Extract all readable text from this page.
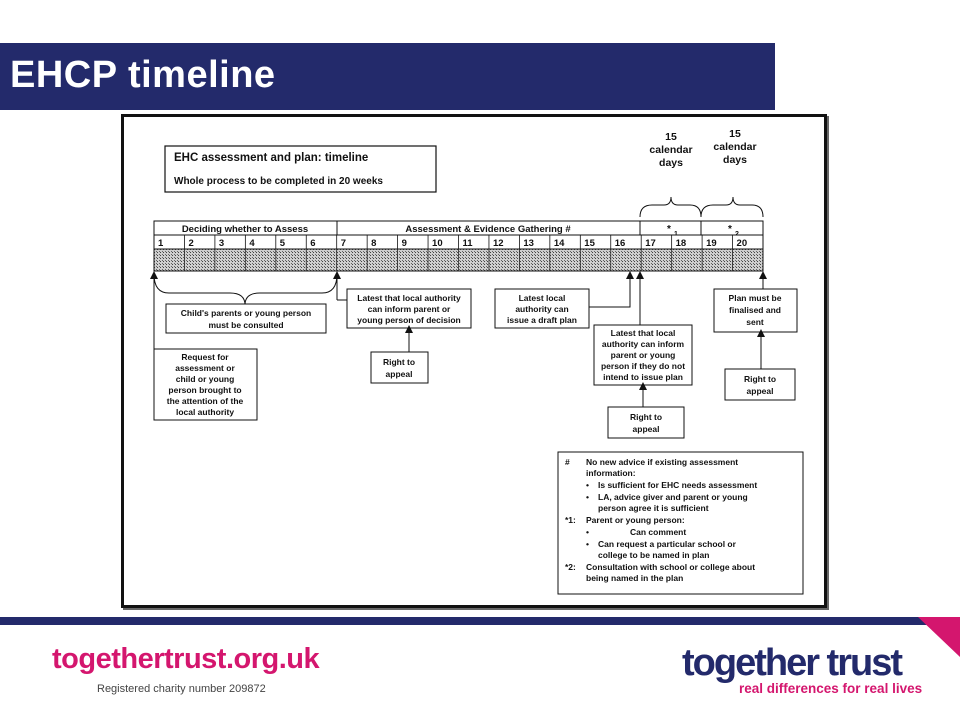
EHCP timeline
EHC assessment and plan: timeline
Whole process to be completed in 20 weeks
15
calendar
days
15
calendar
days
Deciding whether to Assess	Assessment & Evidence Gathering #	*	*
1	2	3	4	5	6	7	8	9	10 11 12 13 14 15 16 17 18 19 20
Child's parents or young person
must be consulted
Request for
assessment or
child or young
person brought to
the attention of the
local authority
Latest that local authority
can inform parent or
young person of decision
Right to
appeal
Latest local
authority can
issue a draft plan
Latest that local
authority can inform
parent or young
person if they do not
intend to issue plan
Right to
appeal
Plan must be
finalised and
sent
Right to
appeal
# No new advice if existing assessment
information:
• Is sufficient for EHC needs assessment
• LA, advice giver and parent or young
person agree it is sufficient
*1: Parent or young person:
•	Can comment
• Can request a particular school or
college to be named in plan
*2: Consultation with school or college about
being named in the plan
togethertrust.org.uk
Registered charity number 209872
together trust
real differences for real lives
